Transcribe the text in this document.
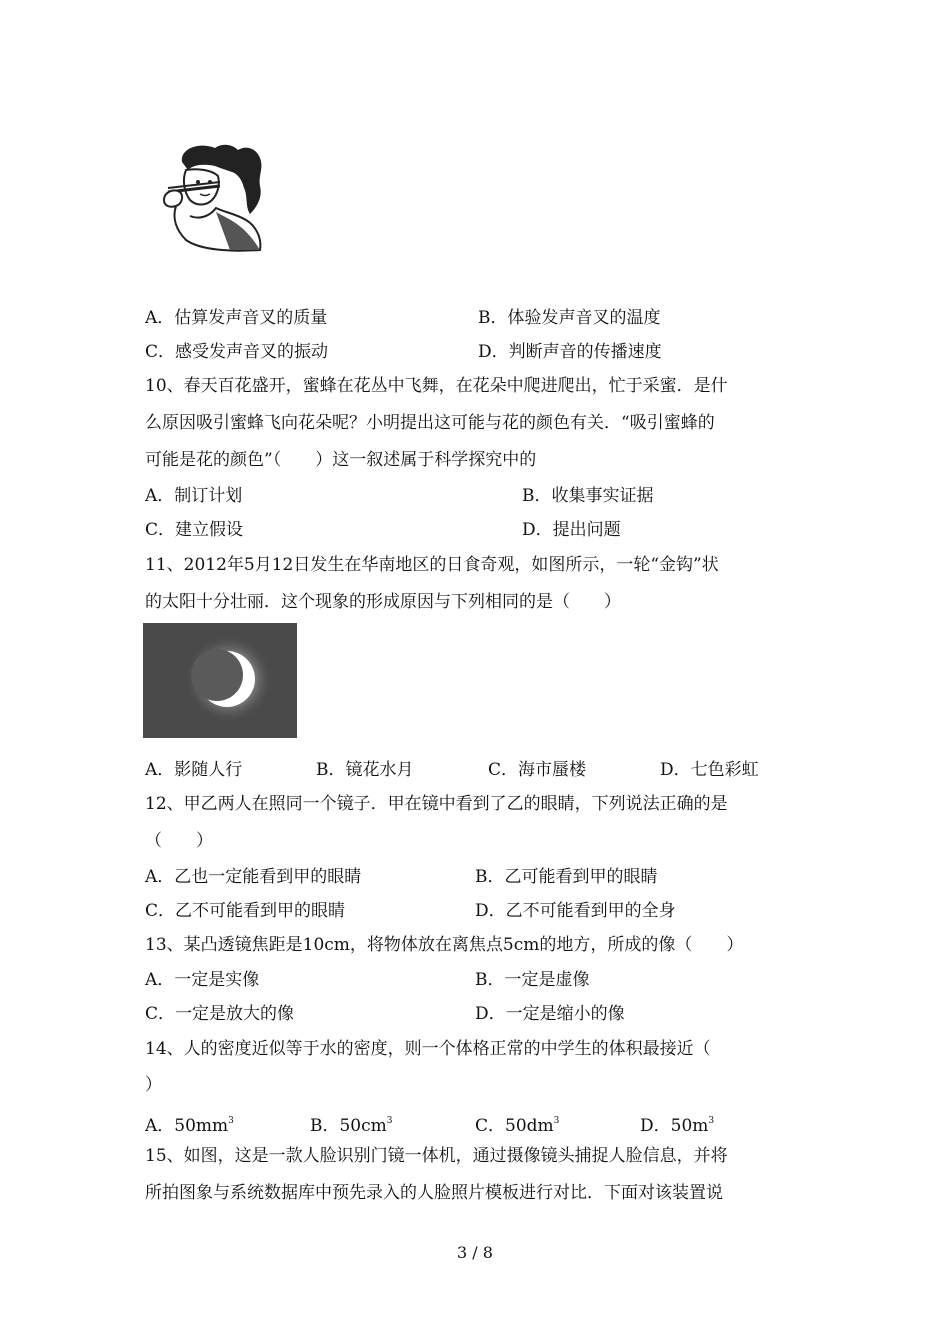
A．估算发声音叉的质量	B．体验发声音叉的温度
C．感受发声音叉的振动	D．判断声音的传播速度
10、春天百花盛开，蜜蜂在花丛中飞舞，在花朵中爬进爬出，忙于采蜜．是什
么原因吸引蜜蜂飞向花朵呢？小明提出这可能与花的颜色有关．“吸引蜜蜂的
可能是花的颜色”（　　）这一叙述属于科学探究中的
A．制订计划	B．收集事实证据
C．建立假设	D．提出问题
11、2012年5月12日发生在华南地区的日食奇观，如图所示，一轮“金钩”状
的太阳十分壮丽．这个现象的形成原因与下列相同的是（　　）
A．影随人行	B．镜花水月	C．海市蜃楼	D．七色彩虹
12、甲乙两人在照同一个镜子．甲在镜中看到了乙的眼睛，下列说法正确的是
（　　）
A．乙也一定能看到甲的眼睛	B．乙可能看到甲的眼睛
C．乙不可能看到甲的眼睛	D．乙不可能看到甲的全身
13、某凸透镜焦距是10cm，将物体放在离焦点5cm的地方，所成的像（　　）
A．一定是实像	B．一定是虚像
C．一定是放大的像	D．一定是缩小的像
14、人的密度近似等于水的密度，则一个体格正常的中学生的体积最接近（
）
A．$50mm^3$	B．$50cm^3$	C．$50dm^3$	D．$50m^3$
15、如图，这是一款人脸识别门镜一体机，通过摄像镜头捕捉人脸信息，并将
所拍图象与系统数据库中预先录入的人脸照片模板进行对比．下面对该装置说
3 / 8
